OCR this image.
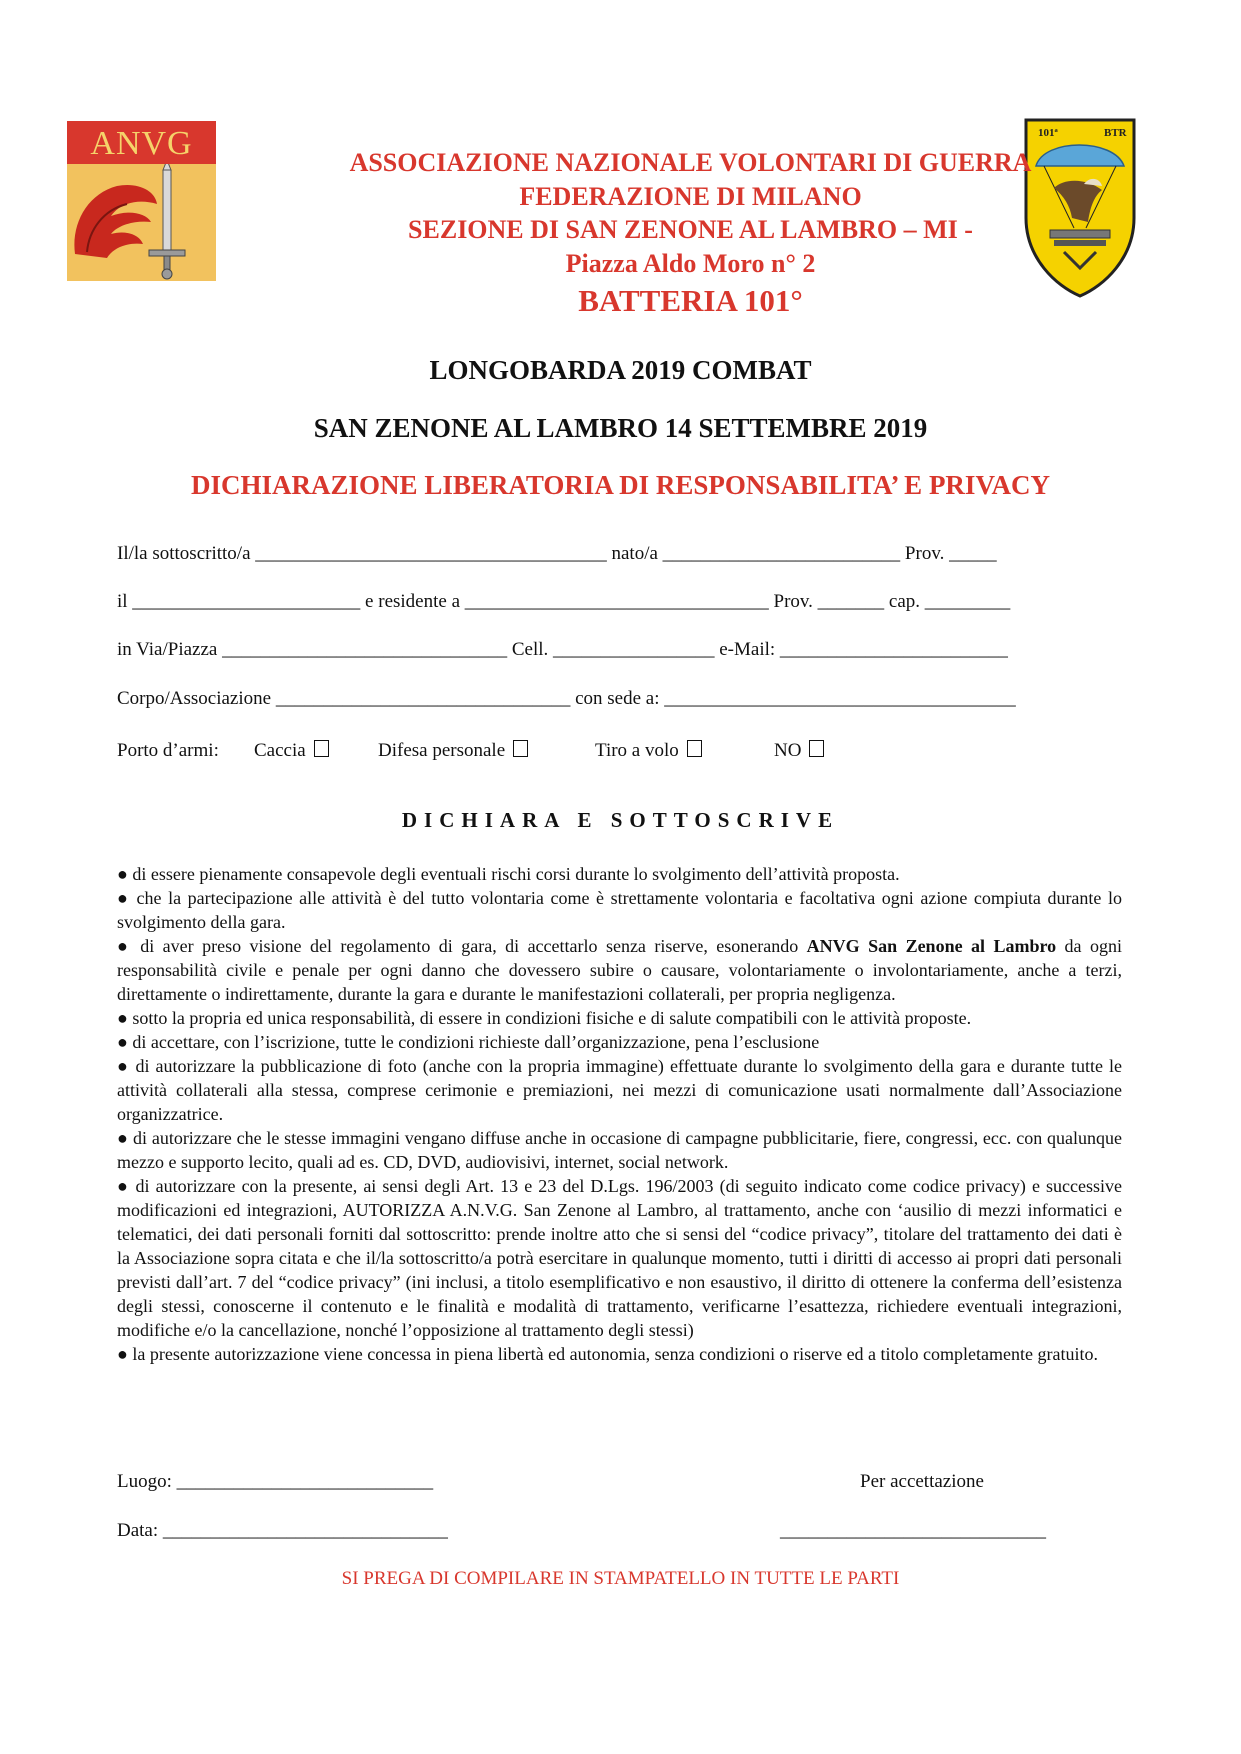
ANVG	101ª	BTR
ASSOCIAZIONE NAZIONALE VOLONTARI DI GUERRA
FEDERAZIONE DI MILANO
SEZIONE DI SAN ZENONE AL LAMBRO – MI -
Piazza Aldo Moro n° 2
BATTERIA 101°
LONGOBARDA 2019 COMBAT
SAN ZENONE AL LAMBRO 14 SETTEMBRE 2019
DICHIARAZIONE LIBERATORIA DI RESPONSABILITA’ E PRIVACY
Il/la sottoscritto/a _____________________________________ nato/a _________________________ Prov. _____
il ________________________ e residente a ________________________________ Prov. _______ cap. _________
in Via/Piazza ______________________________ Cell. _________________ e-Mail: ________________________
Corpo/Associazione _______________________________ con sede a: _____________________________________
Porto d’armi: Caccia	Difesa personale	Tiro a volo	NO
DICHIARA E SOTTOSCRIVE

● di essere pienamente consapevole degli eventuali rischi corsi durante lo svolgimento dell’attività proposta.

● che la partecipazione alle attività è del tutto volontaria come è strettamente volontaria e facoltativa ogni azione compiuta durante lo svolgimento della gara.

● di aver preso visione del regolamento di gara, di accettarlo senza riserve, esonerando ANVG San Zenone al Lambro da ogni responsabilità civile e penale per ogni danno che dovessero subire o causare, volontariamente o involontariamente, anche a terzi, direttamente o indirettamente, durante la gara e durante le manifestazioni collaterali, per propria negligenza.

● sotto la propria ed unica responsabilità, di essere in condizioni fisiche e di salute compatibili con le attività proposte.

● di accettare, con l’iscrizione, tutte le condizioni richieste dall’organizzazione, pena l’esclusione

● di autorizzare la pubblicazione di foto (anche con la propria immagine) effettuate durante lo svolgimento della gara e durante tutte le attività collaterali alla stessa, comprese cerimonie e premiazioni, nei mezzi di comunicazione usati normalmente dall’Associazione organizzatrice.

● di autorizzare che le stesse immagini vengano diffuse anche in occasione di campagne pubblicitarie, fiere, congressi, ecc. con qualunque mezzo e supporto lecito, quali ad es. CD, DVD, audiovisivi, internet, social network.

● di autorizzare con la presente, ai sensi degli Art. 13 e 23 del D.Lgs. 196/2003 (di seguito indicato come codice privacy) e successive modificazioni ed integrazioni, AUTORIZZA A.N.V.G. San Zenone al Lambro, al trattamento, anche con ‘ausilio di mezzi informatici e telematici, dei dati personali forniti dal sottoscritto: prende inoltre atto che si sensi del “codice privacy”, titolare del trattamento dei dati è la Associazione sopra citata e che il/la sottoscritto/a potrà esercitare in qualunque momento, tutti i diritti di accesso ai propri dati personali previsti dall’art. 7 del “codice privacy” (ini inclusi, a titolo esemplificativo e non esaustivo, il diritto di ottenere la conferma dell’esistenza degli stessi, conoscerne il contenuto e le finalità e modalità di trattamento, verificarne l’esattezza, richiedere eventuali integrazioni, modifiche e/o la cancellazione, nonché l’opposizione al trattamento degli stessi)

● la presente autorizzazione viene concessa in piena libertà ed autonomia, senza condizioni o riserve ed a titolo completamente gratuito.

Luogo: ___________________________	Per accettazione
Data: ______________________________	____________________________
SI PREGA DI COMPILARE IN STAMPATELLO IN TUTTE LE PARTI
